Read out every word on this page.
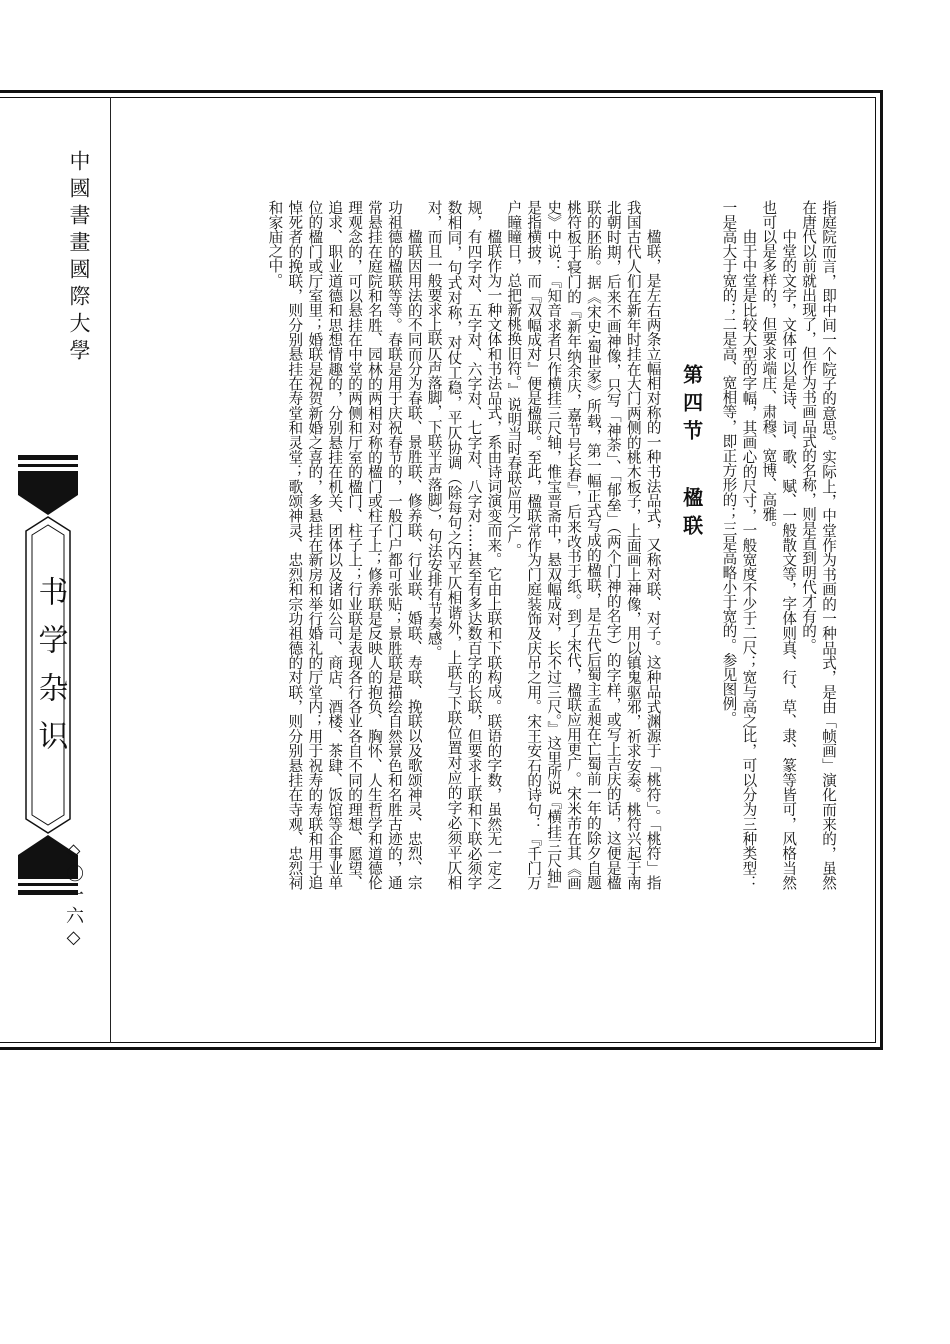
中國書畫國際大學
书学杂识
◇〇一六◇

指庭院而言，即中间一个院子的意思。实际上，中堂作为书画的一种品式，是由「帧画」演化而来的，虽然在唐代以前就出现了，但作为书画品式的名称，则是直到明代才有的。

中堂的文字，文体可以是诗、词、歌、赋、一般散文等，字体则真、行、草、隶、篆等皆可，风格当然也可以是多样的，但要求端庄、肃穆、宽博、高雅。

由于中堂是比较大型的字幅，其画心的尺寸，一般宽度不少于二尺；宽与高之比，可以分为三种类型：一是高大于宽的；二是高、宽相等，即正方形的；三是高略小于宽的。参见图例。

第四节 楹联

楹联，是左右两条立幅相对称的一种书法品式，又称对联、对子。这种品式渊源于「桃符」。「桃符」指我国古代人们在新年时挂在大门两侧的桃木板子，上面画上神像，用以镇鬼驱邪，祈求安泰。桃符兴起于南北朝时期，后来不画神像，只写「神荼」、「郁垒」（两个门神的名字）的字样，或写上吉庆的话，这便是楹联的胚胎。据《宋史·蜀世家》所载，第一幅正式写成的楹联，是五代后蜀主孟昶在亡蜀前一年的除夕自题桃符板于寝门的『新年纳余庆，嘉节号长春』，后来改书于纸。到了宋代，楹联应用更广。宋米芾在其《画史》中说：『知音求者只作横挂三尺轴，惟宝晋斋中，悬双幅成对，长不过三尺。』这里所说『横挂三尺轴』是指横披，而『双幅成对』便是楹联。至此，楹联常作为门庭装饰及庆吊之用。宋王安石的诗句：『千门万户瞳瞳日，总把新桃换旧符。』说明当时春联应用之广。

楹联作为一种文体和书法品式，系由诗词演变而来。它由上联和下联构成。联语的字数，虽然无一定之规，有四字对、五字对、六字对、七字对、八字对……甚至有多达数百字的长联，但要求上联和下联必须字数相同，句式对称，对仗工稳，平仄协调（除每句之内平仄相谐外，上联与下联位置对应的字必须平仄相对，而且一般要求上联仄声落脚，下联平声落脚），句法安排有节奏感。

楹联因用法的不同而分为春联、景胜联、修养联、行业联、婚联、寿联、挽联以及歌颂神灵、忠烈、宗功祖德的楹联等等。春联是用于庆祝春节的，一般门户都可张贴；景胜联是描绘自然景色和名胜古迹的，通常悬挂在庭院和名胜、园林的两相对称的楹门或柱子上；修养联是反映人的抱负、胸怀、人生哲学和道德伦理观念的，可以悬挂在中堂的两侧和厅室的楹门、柱子上；行业联是表现各行各业各自不同的理想、愿望、追求、职业道德和思想情趣的，分别悬挂在机关、团体以及诸如公司、商店、酒楼、茶肆、饭馆等企事业单位的楹门或厅室里；婚联是祝贺新婚之喜的，多悬挂在新房和举行婚礼的厅堂内；用于祝寿的寿联和用于追悼死者的挽联，则分别悬挂在寿堂和灵堂；歌颂神灵、忠烈和宗功祖德的对联，则分别悬挂在寺观、忠烈祠和家庙之中。
